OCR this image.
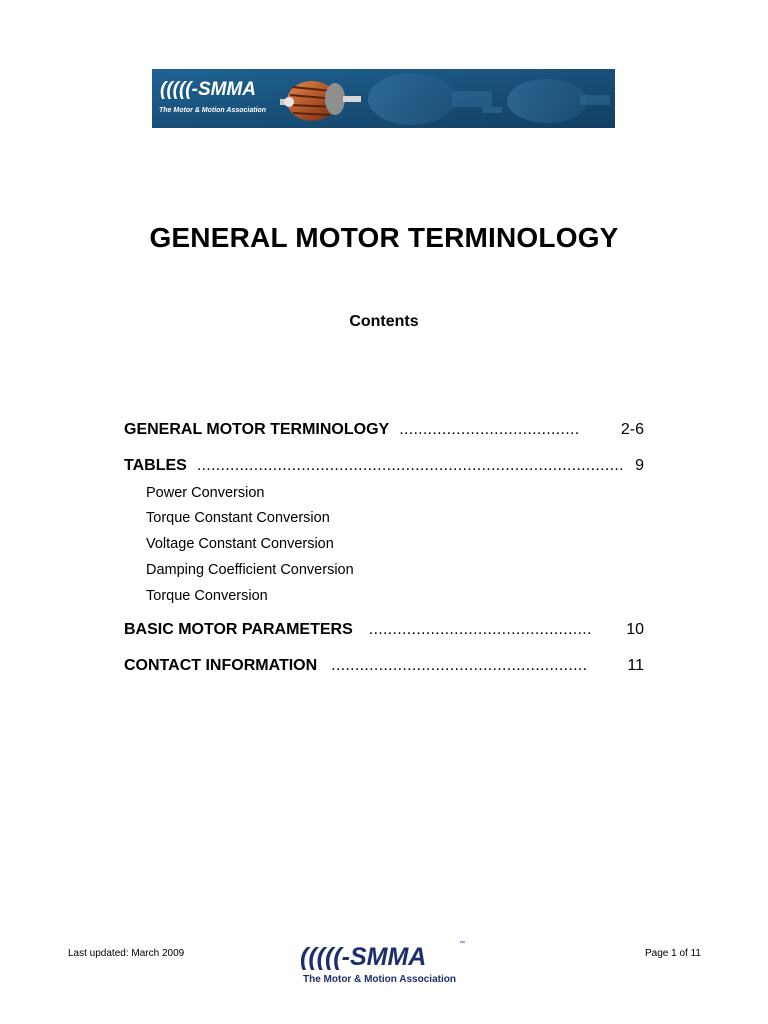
(((((-SMMA
The Motor & Motion Association
GENERAL MOTOR TERMINOLOGY
Contents
GENERAL MOTOR TERMINOLOGY ......................................	2-6
TABLES .......................................................................................... 9
Power Conversion
Torque Constant Conversion
Voltage Constant Conversion
Damping Coefficient Conversion
Torque Conversion
BASIC MOTOR PARAMETERS ...............................................	10
CONTACT INFORMATION ......................................................	11
Last updated: March 2009	(((((-SMMA	™
The Motor & Motion Association
Page 1 of 11
